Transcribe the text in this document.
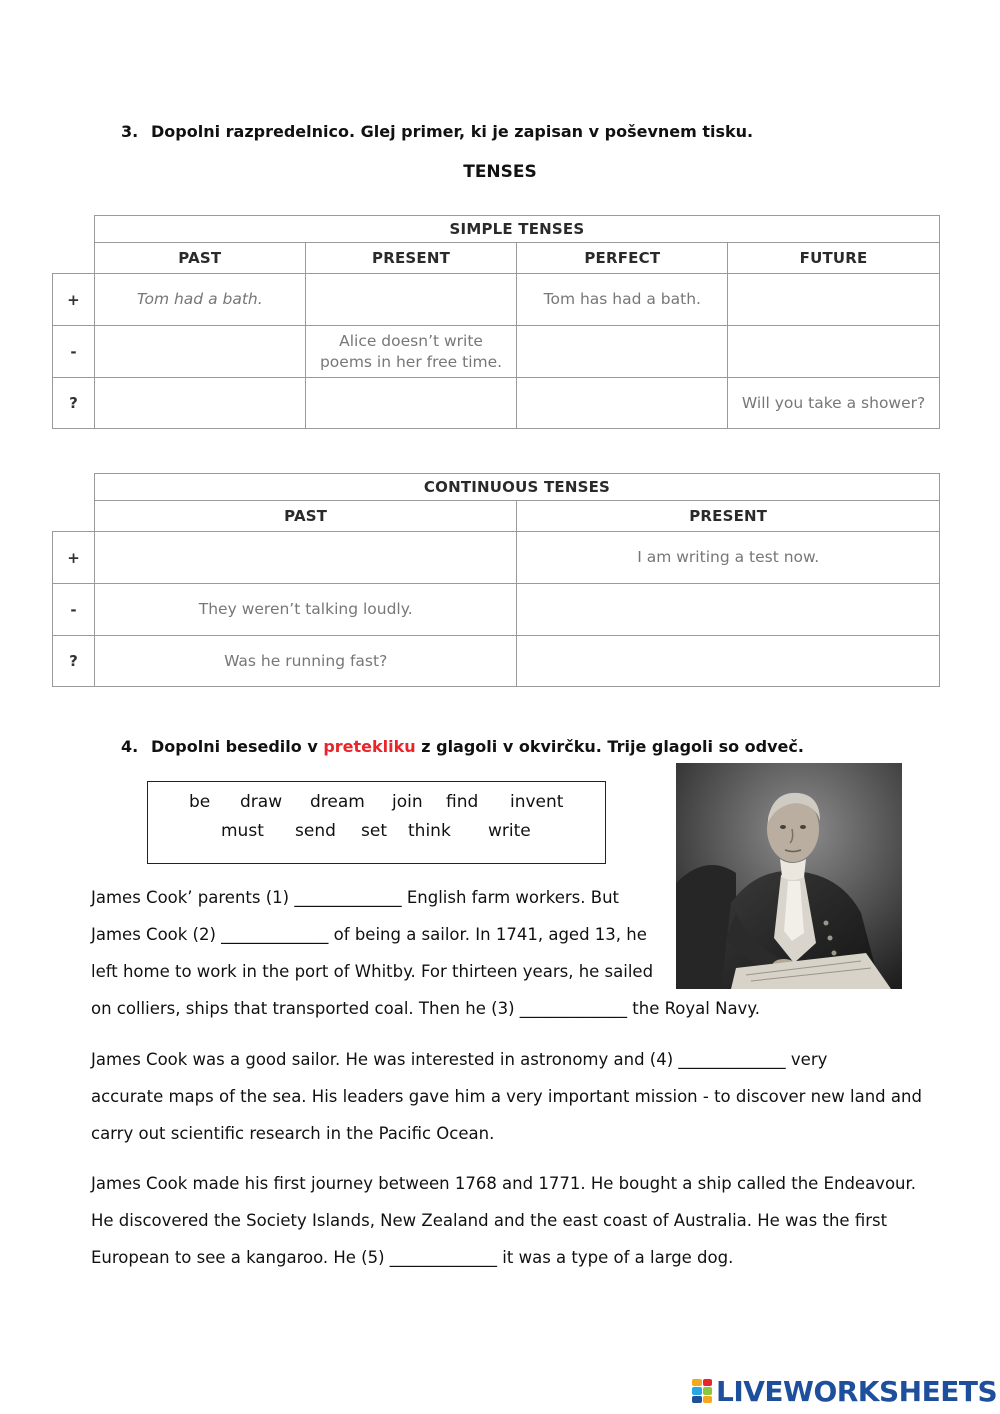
3. Dopolni razpredelnico. Glej primer, ki je zapisan v poševnem tisku.
TENSES
	SIMPLE TENSES			
	PAST	PRESENT	PERFECT	FUTURE
+	Tom had a bath.		Tom has had a bath.	
-		Alice doesn’t write poems in her free time.		
?				Will you take a shower?
	CONTINUOUS TENSES	
	PAST	PRESENT
+		I am writing a test now.
-	They weren’t talking loudly.	
?	Was he running fast?	
4. Dopolni besedilo v pretekliku z glagoli v okvirčku. Trije glagoli so odveč.
be draw dream join find invent
must send set think write
James Cook’ parents (1) _____________ English farm workers. But
James Cook (2) _____________ of being a sailor. In 1741, aged 13, he
left home to work in the port of Whitby. For thirteen years, he sailed
on colliers, ships that transported coal. Then he (3) _____________ the Royal Navy.
James Cook was a good sailor. He was interested in astronomy and (4) _____________ very
accurate maps of the sea. His leaders gave him a very important mission - to discover new land and
carry out scientific research in the Pacific Ocean.
James Cook made his first journey between 1768 and 1771. He bought a ship called the Endeavour.
He discovered the Society Islands, New Zealand and the east coast of Australia. He was the first
European to see a kangaroo. He (5) _____________ it was a type of a large dog.
LIVEWORKSHEETS
